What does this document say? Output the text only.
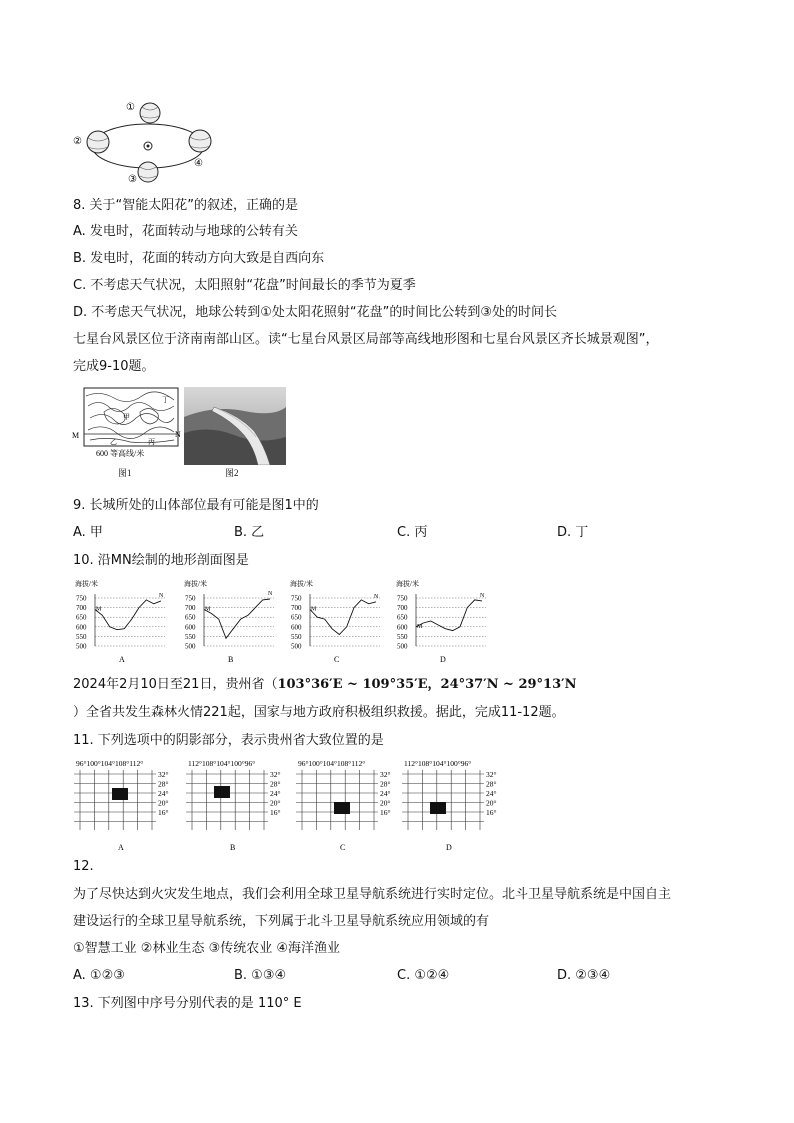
①
②
③
④
8. 关于“智能太阳花”的叙述，正确的是
A. 发电时，花面转动与地球的公转有关
B. 发电时，花面的转动方向大致是自西向东
C. 不考虑天气状况，太阳照射“花盘”时间最长的季节为夏季
D. 不考虑天气状况，地球公转到①处太阳花照射“花盘”的时间比公转到③处的时间长
七星台风景区位于济南南部山区。读“七星台风景区局部等高线地形图和七星台风景区齐长城景观图”，
完成9-10题。
M	N
甲
乙	丙
丁
600 等高线/米
图1	图2
9. 长城所处的山体部位最有可能是图1中的
A. 甲	B. 乙	C. 丙	D. 丁
10. 沿MN绘制的地形剖面图是
海拔/米
750
700
650
600
550
500
M
N
A
海拔/米
750
700
650
600
550
500
M
N
B
海拔/米
750
700
650
600
550
500
M
N
C
海拔/米
750
700
650
600
550
500
M
N
D
2024年2月10日至21日，贵州省（103°36′E ~ 109°35′E，24°37′N ~ 29°13′N
）全省共发生森林火情221起，国家与地方政府积极组织救援。据此，完成11-12题。
11. 下列选项中的阴影部分，表示贵州省大致位置的是
96°100°104°108°112°
32°
28°
24°
20°
16°
A
112°108°104°100°96°
32°
28°
24°
20°
16°
B
96°100°104°108°112°
32°
28°
24°
20°
16°
C
112°108°104°100°96°
32°
28°
24°
20°
16°
D
12.
为了尽快达到火灾发生地点，我们会利用全球卫星导航系统进行实时定位。北斗卫星导航系统是中国自主
建设运行的全球卫星导航系统，下列属于北斗卫星导航系统应用领域的有
①智慧工业 ②林业生态 ③传统农业 ④海洋渔业
A. ①②③	B. ①③④	C. ①②④	D. ②③④
13. 下列图中序号分别代表的是 110° E
